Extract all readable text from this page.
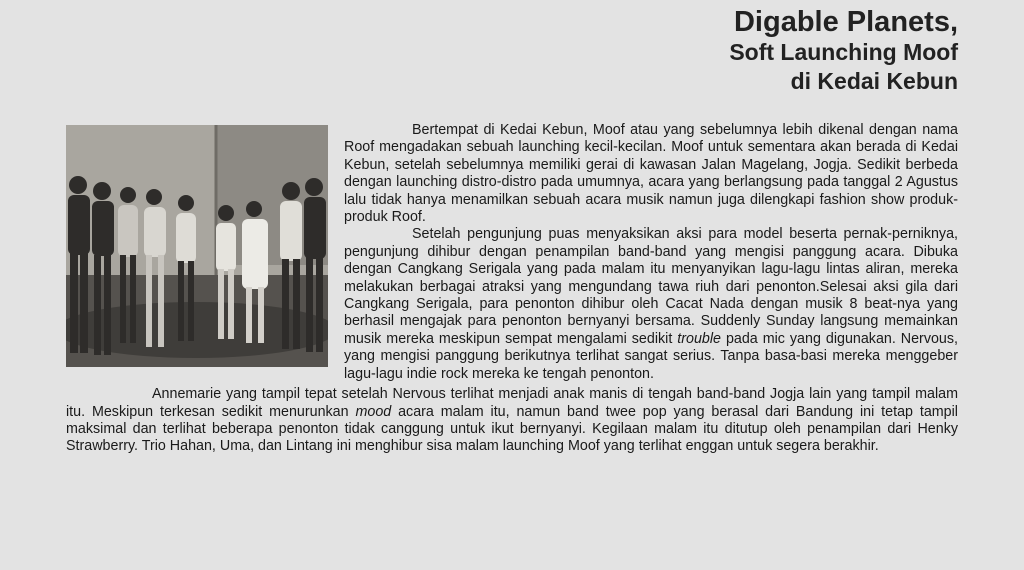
Digable Planets,
Soft Launching Moof
di Kedai Kebun

Bertempat di Kedai Kebun, Moof atau yang sebelumnya lebih dikenal dengan nama Roof mengadakan sebuah launching kecil-kecilan. Moof untuk sementara akan berada di Kedai Kebun, setelah sebelumnya memiliki gerai di kawasan Jalan Magelang, Jogja. Sedikit berbeda dengan launching distro-distro pada umumnya, acara yang berlangsung pada tanggal 2 Agustus lalu tidak hanya menamilkan sebuah acara musik namun juga dilengkapi fashion show produk-produk Roof.

Setelah pengunjung puas menyaksikan aksi para model beserta pernak-perniknya, pengunjung dihibur dengan penampilan band-band yang mengisi panggung acara. Dibuka dengan Cangkang Serigala yang pada malam itu menyanyikan lagu-lagu lintas aliran, mereka melakukan berbagai atraksi yang mengundang tawa riuh dari penonton.Selesai aksi gila dari Cangkang Serigala, para penonton dihibur oleh Cacat Nada dengan musik 8 beat-nya yang berhasil mengajak para penonton bernyanyi bersama. Suddenly Sunday langsung memainkan musik mereka meskipun sempat mengalami sedikit trouble pada mic yang digunakan. Nervous, yang mengisi panggung berikutnya terlihat sangat serius. Tanpa basa-basi mereka menggeber lagu-lagu indie rock mereka ke tengah penonton.

Annemarie yang tampil tepat setelah Nervous terlihat menjadi anak manis di tengah band-band Jogja lain yang tampil malam itu. Meskipun terkesan sedikit menurunkan mood acara malam itu, namun band twee pop yang berasal dari Bandung ini tetap tampil maksimal dan terlihat beberapa penonton tidak canggung untuk ikut bernyanyi. Kegilaan malam itu ditutup oleh penampilan dari Henky Strawberry. Trio Hahan, Uma, dan Lintang ini menghibur sisa malam launching Moof yang terlihat enggan untuk segera berakhir.
